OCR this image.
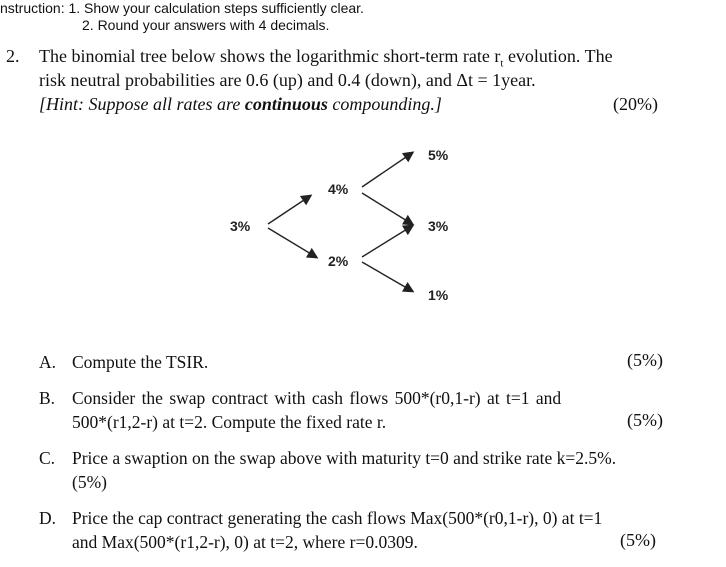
nstruction: 1. Show your calculation steps sufficiently clear.
2. Round your answers with 4 decimals.
2. The binomial tree below shows the logarithmic short-term rate $r_t$ evolution. The
risk neutral probabilities are 0.6 (up) and 0.4 (down), and Δt = 1year.
[Hint: Suppose all rates are continuous compounding.]	(20%)
3%
4%
2%
5%
3%
1%
A. Compute the TSIR.	(5%)
B. Consider the swap contract with cash flows 500*(r0,1-r) at t=1 and
500*(r1,2-r) at t=2. Compute the fixed rate r.	(5%)
C. Price a swaption on the swap above with maturity t=0 and strike rate k=2.5%.
(5%)
D. Price the cap contract generating the cash flows Max(500*(r0,1-r), 0) at t=1
and Max(500*(r1,2-r), 0) at t=2, where r=0.0309.	(5%)
